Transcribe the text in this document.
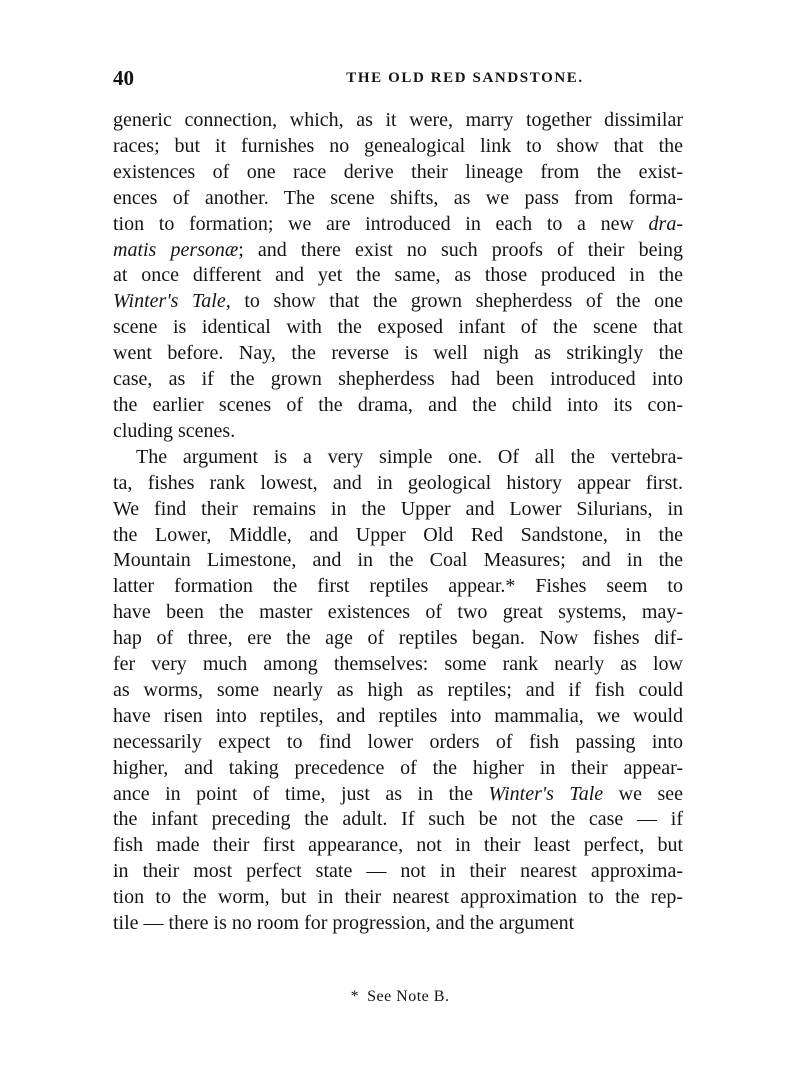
40	THE OLD RED SANDSTONE.
generic connection, which, as it were, marry together dissimilar
races; but it furnishes no genealogical link to show that the
existences of one race derive their lineage from the exist-
ences of another. The scene shifts, as we pass from forma-
tion to formation; we are introduced in each to a new dra-
matis personæ; and there exist no such proofs of their being
at once different and yet the same, as those produced in the
Winter's Tale, to show that the grown shepherdess of the one
scene is identical with the exposed infant of the scene that
went before. Nay, the reverse is well nigh as strikingly the
case, as if the grown shepherdess had been introduced into
the earlier scenes of the drama, and the child into its con-
cluding scenes.
The argument is a very simple one. Of all the vertebra-
ta, fishes rank lowest, and in geological history appear first.
We find their remains in the Upper and Lower Silurians, in
the Lower, Middle, and Upper Old Red Sandstone, in the
Mountain Limestone, and in the Coal Measures; and in the
latter formation the first reptiles appear.* Fishes seem to
have been the master existences of two great systems, may-
hap of three, ere the age of reptiles began. Now fishes dif-
fer very much among themselves: some rank nearly as low
as worms, some nearly as high as reptiles; and if fish could
have risen into reptiles, and reptiles into mammalia, we would
necessarily expect to find lower orders of fish passing into
higher, and taking precedence of the higher in their appear-
ance in point of time, just as in the Winter's Tale we see
the infant preceding the adult. If such be not the case — if
fish made their first appearance, not in their least perfect, but
in their most perfect state — not in their nearest approxima-
tion to the worm, but in their nearest approximation to the rep-
tile — there is no room for progression, and the argument
* See Note B.
